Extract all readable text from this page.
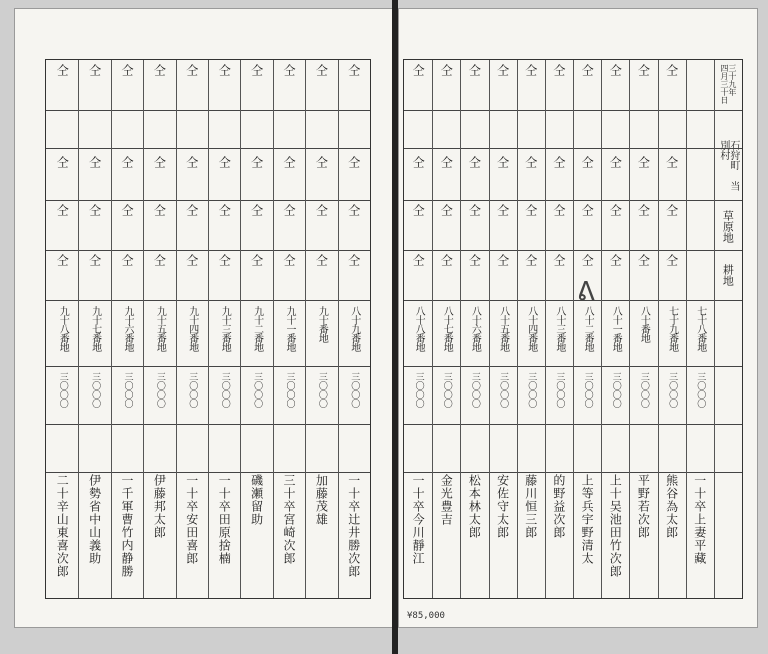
仝
仝
仝
仝
九十八番地
三〇〇〇
二十辛山東喜次郎
仝
仝
仝
仝
九十七番地
三〇〇〇
伊勢省中山義助
仝
仝
仝
仝
九十六番地
三〇〇〇
一千軍曹竹内静勝
仝
仝
仝
仝
九十五番地
三〇〇〇
伊藤邦太郎
仝
仝
仝
仝
九十四番地
三〇〇〇
一十卒安田喜郎
仝
仝
仝
仝
九十三番地
三〇〇〇
一十卒田原捨楠
仝
仝
仝
仝
九十二番地
三〇〇〇
磯瀬留助
仝
仝
仝
仝
九十一番地
三〇〇〇
三十卒宮崎次郎
仝
仝
仝
仝
九十番地
三〇〇〇
加藤茂雄
仝
仝
仝
仝
八十九番地
三〇〇〇
一十卒辻井勝次郎
三十九年 四月三十日
石狩町 当別村
草原地
耕地
仝
仝
仝
仝
八十八番地
三〇〇〇
一十卒今川靜江
仝
仝
仝
仝
八十七番地
三〇〇〇
金光豊吉
仝
仝
仝
仝
八十六番地
三〇〇〇
松本林太郎
仝
仝
仝
仝
八十五番地
三〇〇〇
安佐守太郎
仝
仝
仝
仝
八十四番地
三〇〇〇
藤川恒三郎
仝
仝
仝
仝
八十三番地
三〇〇〇
的野益次郎
仝
仝
仝
仝
八十二番地
三〇〇〇
上等兵宇野清太
仝
仝
仝
仝
八十一番地
三〇〇〇
上十吴池田竹次郎
仝
仝
仝
仝
八十番地
三〇〇〇
平野若次郎
仝
仝
仝
仝
七十九番地
三〇〇〇
熊谷為太郎
七十八番地
三〇〇〇
一十卒上妻平藏
ᕕ
¥85,000
